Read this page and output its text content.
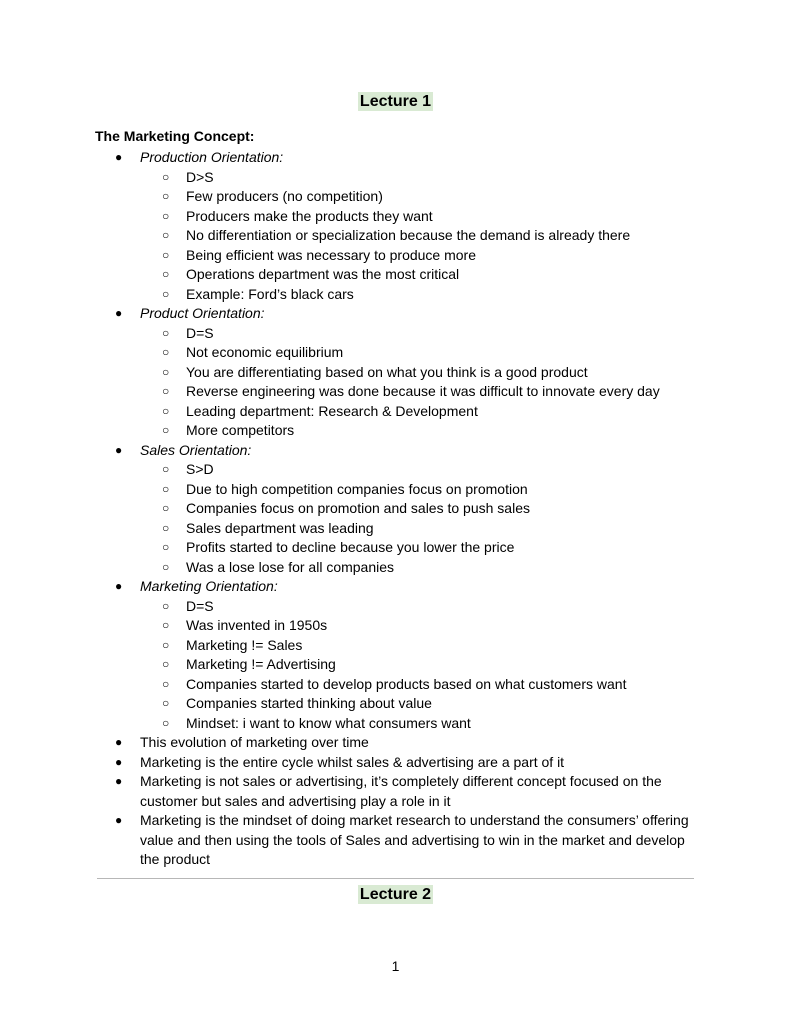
Lecture 1
The Marketing Concept:
● Production Orientation:
○ D>S
○ Few producers (no competition)
○ Producers make the products they want
○ No differentiation or specialization because the demand is already there
○ Being efficient was necessary to produce more
○ Operations department was the most critical
○ Example: Ford’s black cars
● Product Orientation:
○ D=S
○ Not economic equilibrium
○ You are differentiating based on what you think is a good product
○ Reverse engineering was done because it was difficult to innovate every day
○ Leading department: Research & Development
○ More competitors
● Sales Orientation:
○ S>D
○ Due to high competition companies focus on promotion
○ Companies focus on promotion and sales to push sales
○ Sales department was leading
○ Profits started to decline because you lower the price
○ Was a lose lose for all companies
● Marketing Orientation:
○ D=S
○ Was invented in 1950s
○ Marketing != Sales
○ Marketing != Advertising
○ Companies started to develop products based on what customers want
○ Companies started thinking about value
○ Mindset: i want to know what consumers want
● This evolution of marketing over time
● Marketing is the entire cycle whilst sales & advertising are a part of it
● Marketing is not sales or advertising, it’s completely different concept focused on the customer but sales and advertising play a role in it
● Marketing is the mindset of doing market research to understand the consumers’ offering value and then using the tools of Sales and advertising to win in the market and develop the product
Lecture 2
1
